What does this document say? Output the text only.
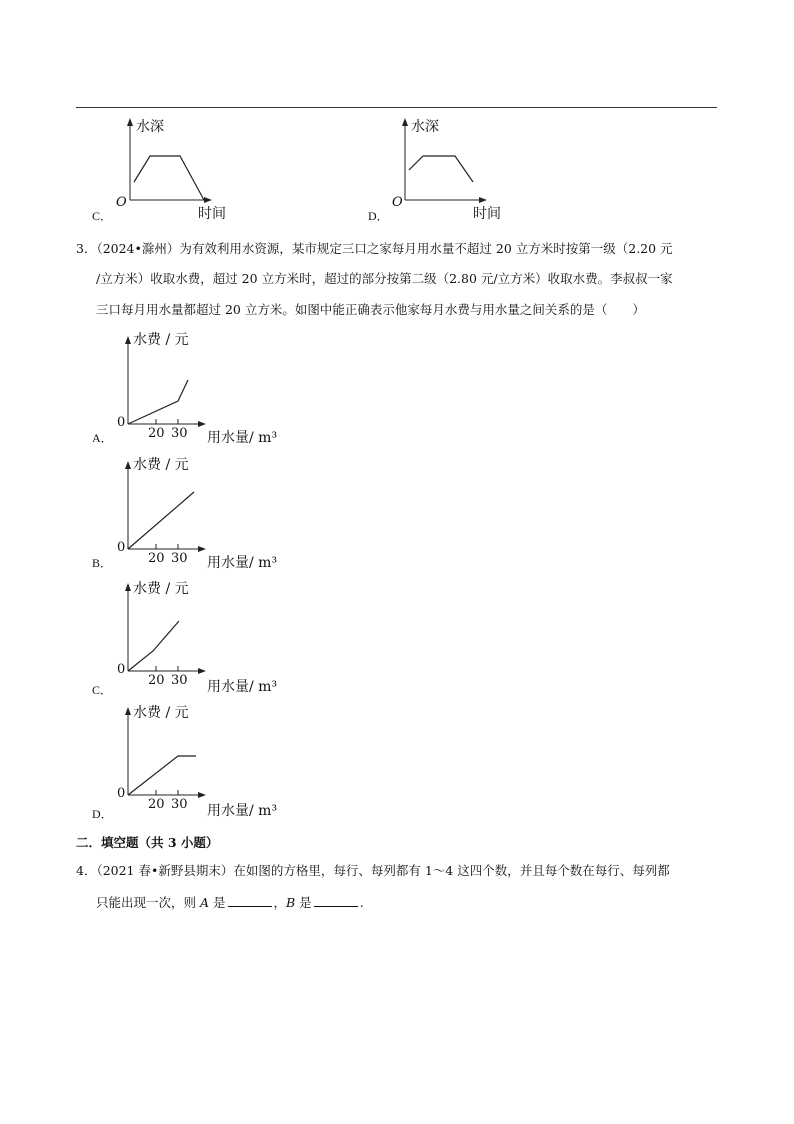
C．
水深
O
时间	D．
水深
O
时间
3．（2024•滁州）为有效利用水资源，某市规定三口之家每月用水量不超过 20 立方米时按第一级（2.20 元
/立方米）收取水费，超过 20 立方米时，超过的部分按第二级（2.80 元/立方米）收取水费。李叔叔一家
三口每月用水量都超过 20 立方米。如图中能正确表示他家每月水费与用水量之间关系的是（　　）
A．
水费 / 元
0
20 30 用水量/ m³
B．
水费 / 元
0
20 30 用水量/ m³
C．
水费 / 元
0
20 30 用水量/ m³
D．
水费 / 元
0
20 30 用水量/ m³
二．填空题（共 3 小题）
4．（2021 春•新野县期末）在如图的方格里，每行、每列都有 1～4 这四个数，并且每个数在每行、每列都
只能出现一次，则 A 是	，B 是	.
